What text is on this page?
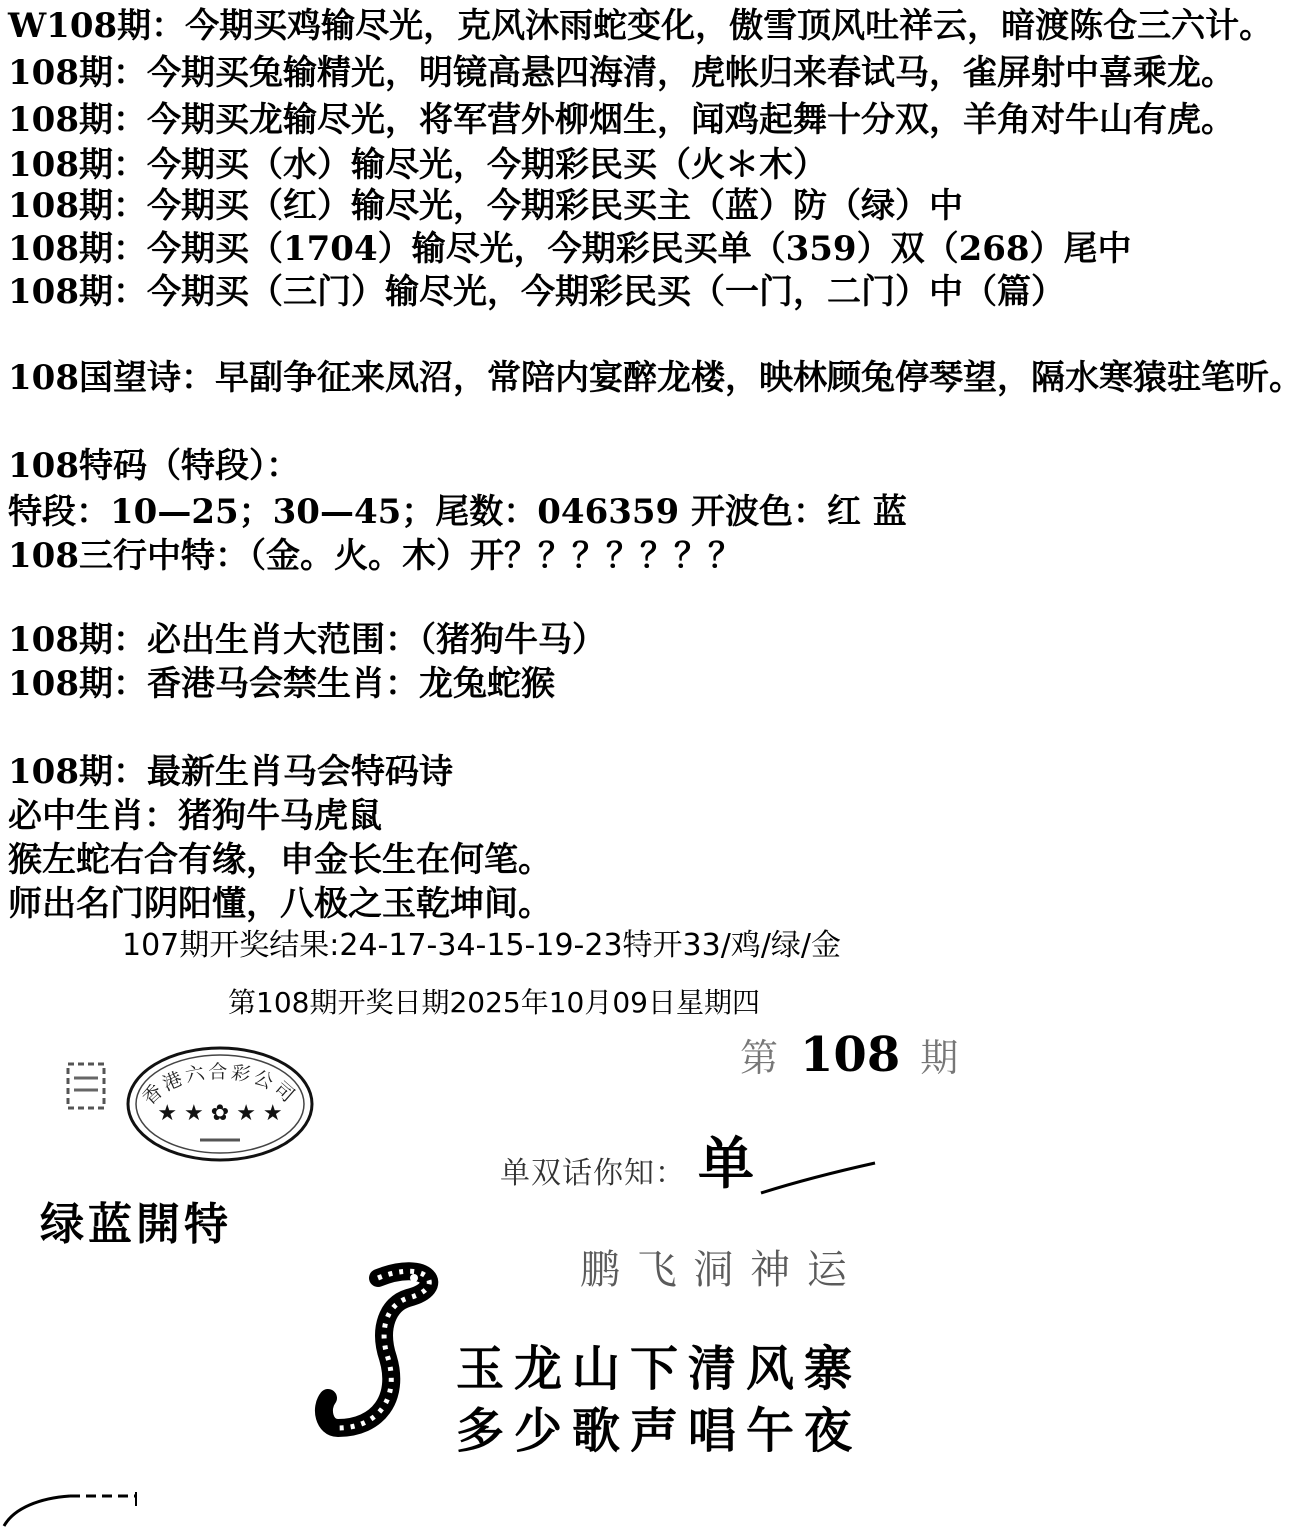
W108期：今期买鸡输尽光，克风沐雨蛇变化，傲雪顶风吐祥云，暗渡陈仓三六计。
108期：今期买兔输精光，明镜高悬四海清，虎帐归来春试马，雀屏射中喜乘龙。
108期：今期买龙输尽光，将军营外柳烟生，闻鸡起舞十分双，羊角对牛山有虎。
108期：今期买（水）输尽光，今期彩民买（火＊木）
108期：今期买（红）输尽光，今期彩民买主（蓝）防（绿）中
108期：今期买（1704）输尽光，今期彩民买单（359）双（268）尾中
108期：今期买（三门）输尽光，今期彩民买（一门，二门）中（篇）
108国望诗：早副争征来凤沼，常陪内宴醉龙楼，映林顾兔停琴望，隔水寒猿驻笔听。
108特码（特段）：
特段：10—25；30—45；尾数：046359 开波色：红 蓝
108三行中特：（金。火。木）开？？？？？？？
108期：必出生肖大范围：（猪狗牛马）
108期：香港马会禁生肖：龙兔蛇猴
108期：最新生肖马会特码诗
必中生肖：猪狗牛马虎鼠
猴左蛇右合有缘，申金长生在何笔。
师出名门阴阳懂，八极之玉乾坤间。
107期开奖结果:24-17-34-15-19-23特开33/鸡/绿/金
第108期开奖日期2025年10月09日星期四
第 108 期
香港六合彩公司
★ ★ ✿ ★ ★
单双话你知： 单
绿蓝開特
鹏 飞 洞 神 运
玉龙山下清风寨
多少歌声唱午夜
